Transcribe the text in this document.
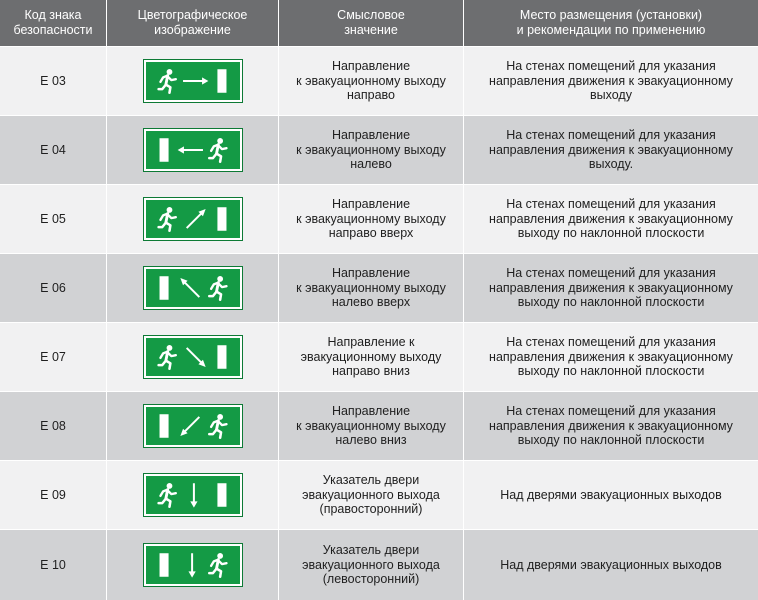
Код знака
безопасности
Цветографическое
изображение
Смысловое
значение
Место размещения (установки)
и рекомендации по применению
E 03
Направление
к эвакуационному выходу
направо
На стенах помещений для указания
направления движения к эвакуационному
выходу
E 04
Направление
к эвакуационному выходу
налево
На стенах помещений для указания
направления движения к эвакуационному
выходу.
E 05
Направление
к эвакуационному выходу
направо вверх
На стенах помещений для указания
направления движения к эвакуационному
выходу по наклонной плоскости
E 06
Направление
к эвакуационному выходу
налево вверх
На стенах помещений для указания
направления движения к эвакуационному
выходу по наклонной плоскости
E 07
Направление к
эвакуационному выходу
направо вниз
На стенах помещений для указания
направления движения к эвакуационному
выходу по наклонной плоскости
E 08
Направление
к эвакуационному выходу
налево вниз
На стенах помещений для указания
направления движения к эвакуационному
выходу по наклонной плоскости
E 09
Указатель двери
эвакуационного выхода
(правосторонний)
Над дверями эвакуационных выходов
E 10
Указатель двери
эвакуационного выхода
(левосторонний)
Над дверями эвакуационных выходов
